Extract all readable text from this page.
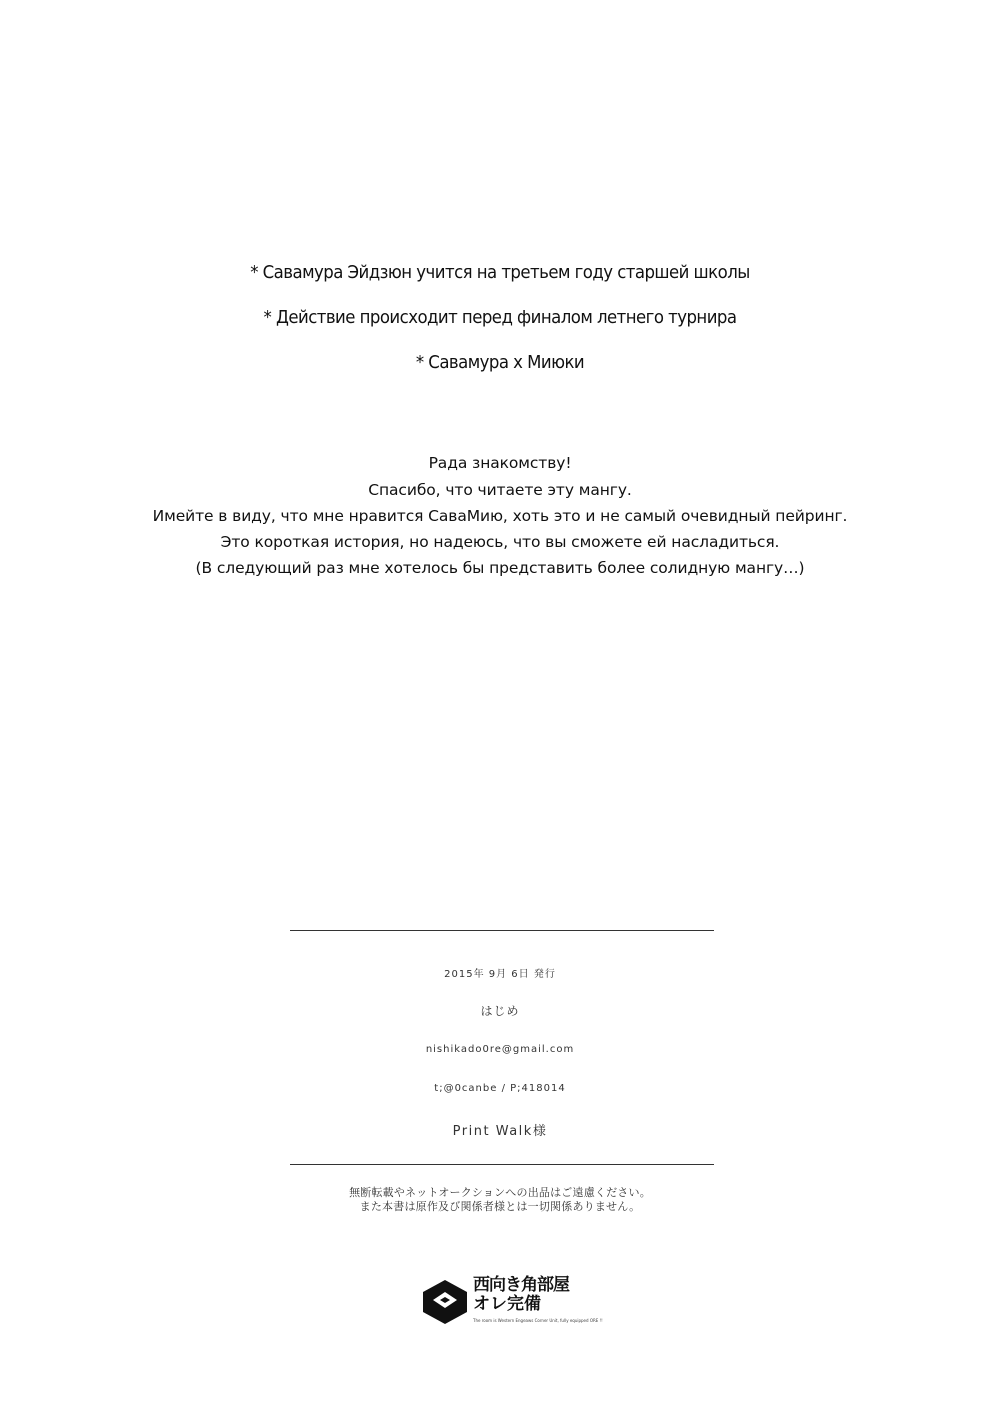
* Савамура Эйдзюн учится на третьем году старшей школы
* Действие происходит перед финалом летнего турнира
* Савамура х Миюки
Рада знакомству!
Спасибо, что читаете эту мангу.
Имейте в виду, что мне нравится СаваМию, хоть это и не самый очевидный пейринг.
Это короткая история, но надеюсь, что вы сможете ей насладиться.
(В следующий раз мне хотелось бы представить более солидную мангу…)
2015年 9月 6日 発行
はじめ
nishikado0re@gmail.com
t;@0canbe / P;418014
Print Walk様
無断転載やネットオークションへの出品はご遠慮ください。
また本書は原作及び関係者様とは一切関係ありません。
西向き角部屋
オレ完備
The room is Western Engeaws Corner Unit, fully equipped ORE !!
